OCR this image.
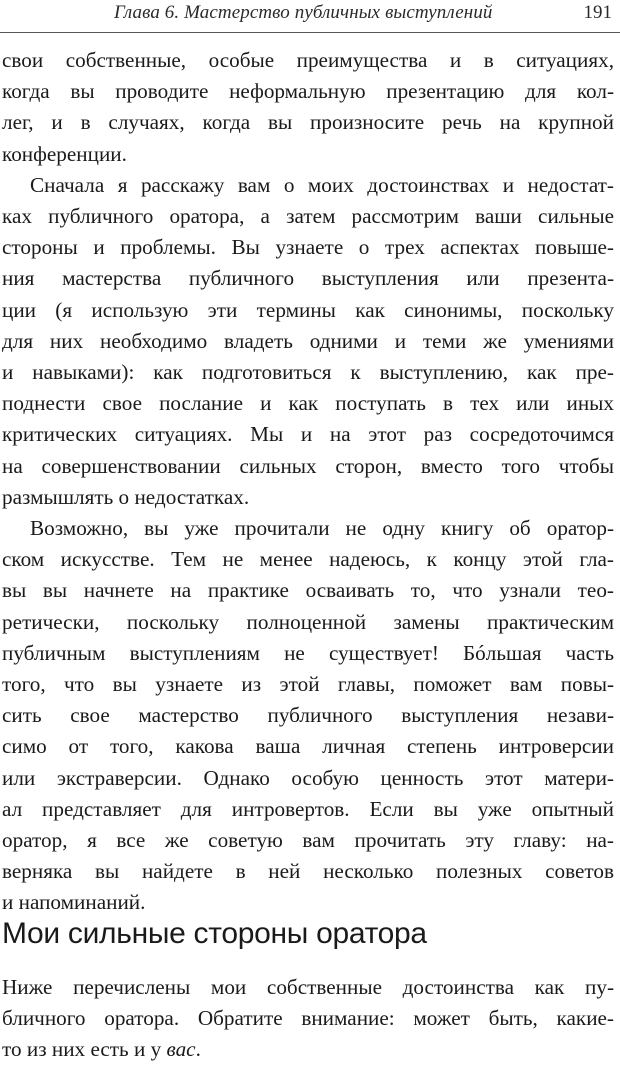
Глава 6. Мастерство публичных выступлений	191
свои собственные, особые преимущества и в ситуациях,
когда вы проводите неформальную презентацию для кол-
лег, и в случаях, когда вы произносите речь на крупной
конференции.
Сначала я расскажу вам о моих достоинствах и недостат-
ках публичного оратора, а затем рассмотрим ваши сильные
стороны и проблемы. Вы узнаете о трех аспектах повыше-
ния мастерства публичного выступления или презента-
ции (я использую эти термины как синонимы, поскольку
для них необходимо владеть одними и теми же умениями
и навыками): как подготовиться к выступлению, как пре-
поднести свое послание и как поступать в тех или иных
критических ситуациях. Мы и на этот раз сосредоточимся
на совершенствовании сильных сторон, вместо того чтобы
размышлять о недостатках.
Возможно, вы уже прочитали не одну книгу об оратор-
ском искусстве. Тем не менее надеюсь, к концу этой гла-
вы вы начнете на практике осваивать то, что узнали тео-
ретически, поскольку полноценной замены практическим
публичным выступлениям не существует! Бóльшая часть
того, что вы узнаете из этой главы, поможет вам повы-
сить свое мастерство публичного выступления незави-
симо от того, какова ваша личная степень интроверсии
или экстраверсии. Однако особую ценность этот матери-
ал представляет для интровертов. Если вы уже опытный
оратор, я все же советую вам прочитать эту главу: на-
верняка вы найдете в ней несколько полезных советов
и напоминаний.
Мои сильные стороны оратора
Ниже перечислены мои собственные достоинства как пу-
бличного оратора. Обратите внимание: может быть, какие-
то из них есть и у вас.
